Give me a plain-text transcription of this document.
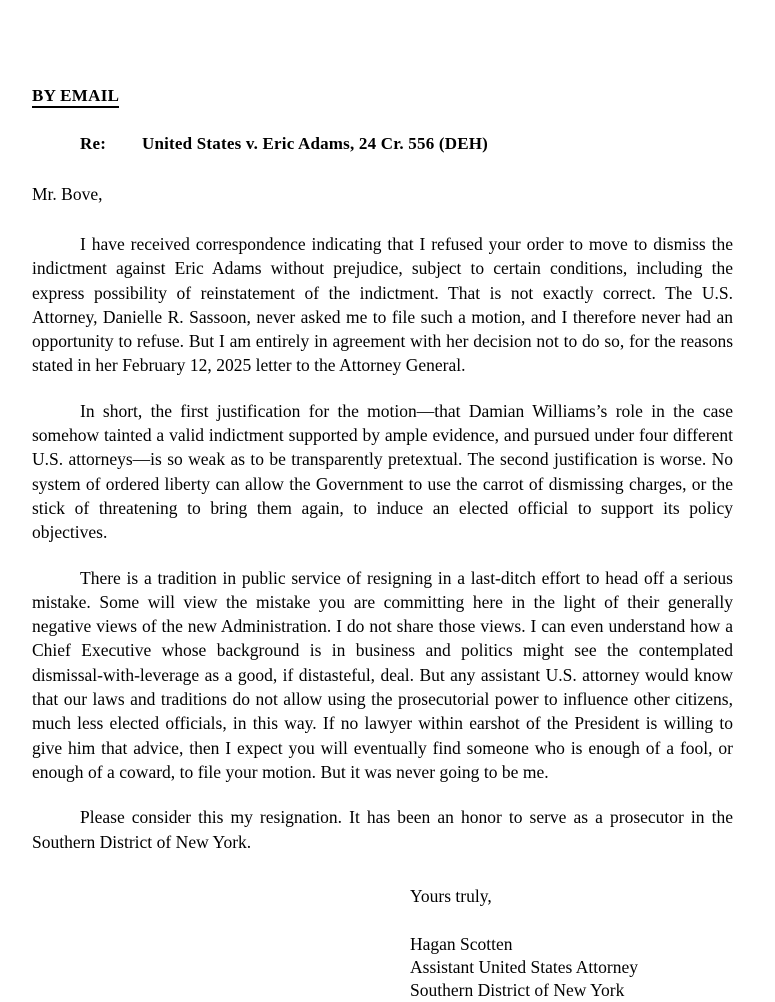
BY EMAIL
Re: United States v. Eric Adams, 24 Cr. 556 (DEH)
Mr. Bove,

I have received correspondence indicating that I refused your order to move to dismiss the indictment against Eric Adams without prejudice, subject to certain conditions, including the express possibility of reinstatement of the indictment. That is not exactly correct. The U.S. Attorney, Danielle R. Sassoon, never asked me to file such a motion, and I therefore never had an opportunity to refuse. But I am entirely in agreement with her decision not to do so, for the reasons stated in her February 12, 2025 letter to the Attorney General.

In short, the first justification for the motion—that Damian Williams’s role in the case somehow tainted a valid indictment supported by ample evidence, and pursued under four different U.S. attorneys—is so weak as to be transparently pretextual. The second justification is worse. No system of ordered liberty can allow the Government to use the carrot of dismissing charges, or the stick of threatening to bring them again, to induce an elected official to support its policy objectives.

There is a tradition in public service of resigning in a last-ditch effort to head off a serious mistake. Some will view the mistake you are committing here in the light of their generally negative views of the new Administration. I do not share those views. I can even understand how a Chief Executive whose background is in business and politics might see the contemplated dismissal-with-leverage as a good, if distasteful, deal. But any assistant U.S. attorney would know that our laws and traditions do not allow using the prosecutorial power to influence other citizens, much less elected officials, in this way. If no lawyer within earshot of the President is willing to give him that advice, then I expect you will eventually find someone who is enough of a fool, or enough of a coward, to file your motion. But it was never going to be me.

Please consider this my resignation. It has been an honor to serve as a prosecutor in the Southern District of New York.

Yours truly,
Hagan Scotten
Assistant United States Attorney
Southern District of New York
